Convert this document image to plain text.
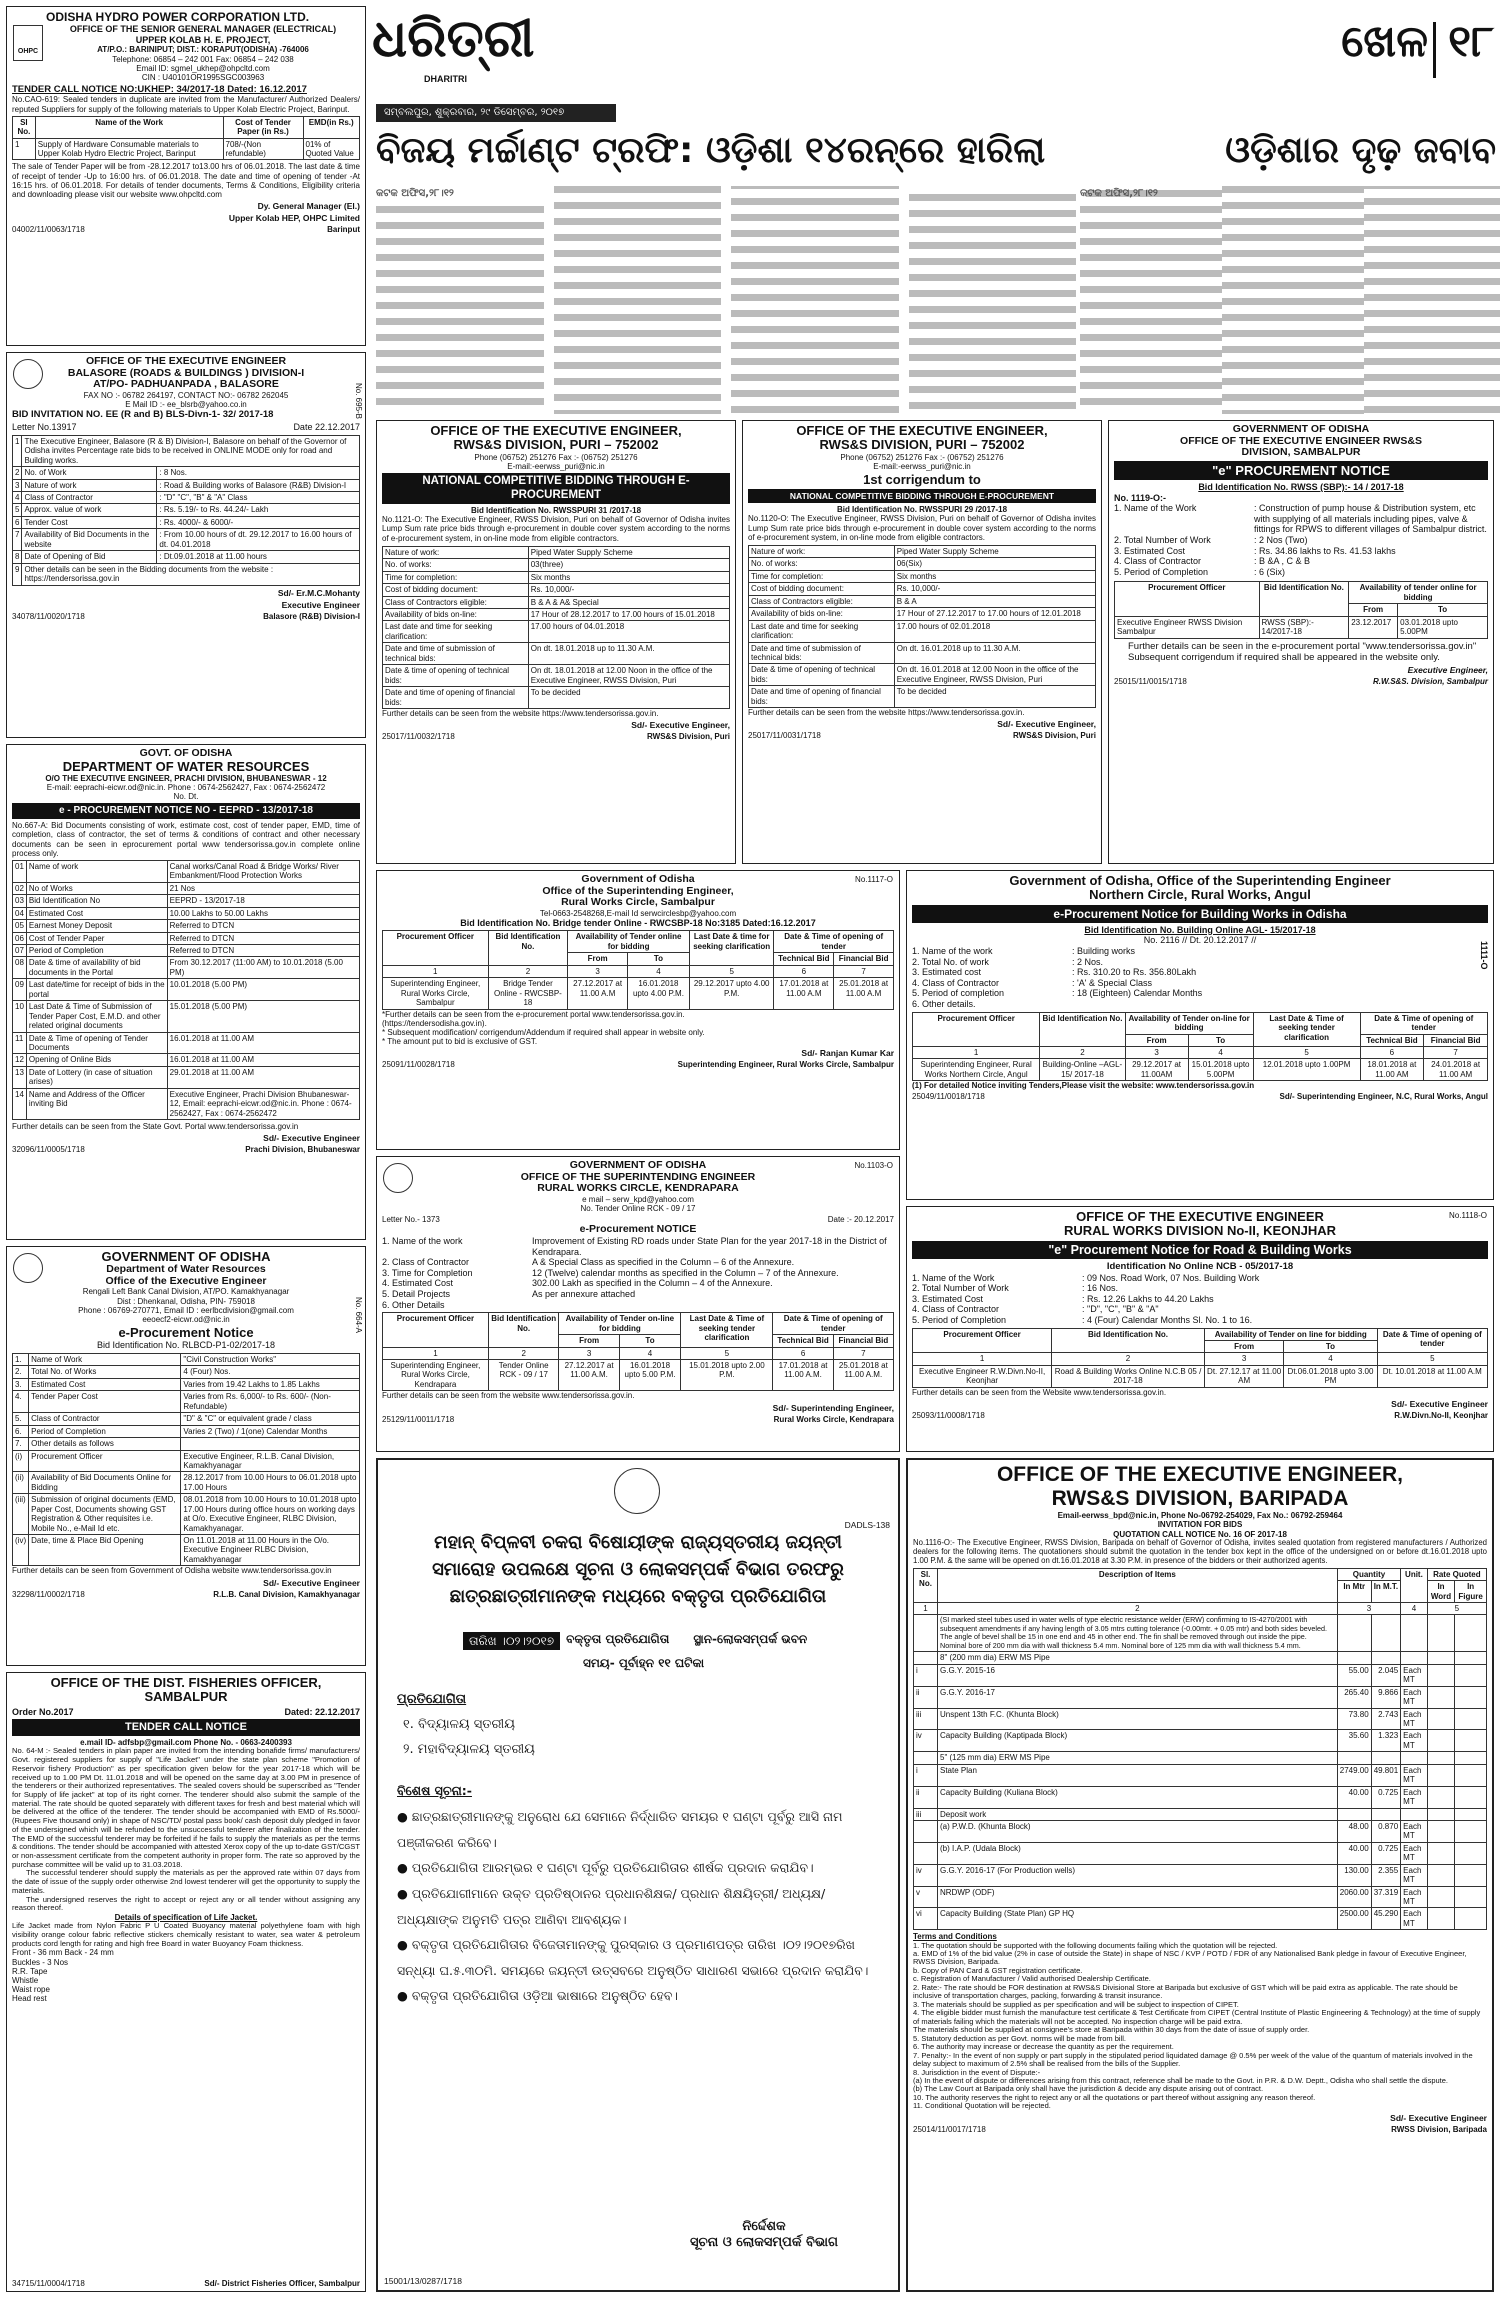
ଧରିତ୍ରୀ
DHARITRI
ସମ୍ବଲପୁର, ଶୁକ୍ରବାର, ୨୯ ଡିସେମ୍ବର, ୨୦୧୭
ଖେଳ ୧୮
ବିଜୟ ମର୍ଚ୍ଚାଣ୍ଟ ଟ୍ରଫି: ଓଡ଼ିଶା ୧୪ରନ୍‌ରେ ହାରିଲା	ଓଡ଼ିଶାର ଦୃଢ଼ ଜବାବ
କଟକ ଅଫିସ,୨୮।୧୨	କଟକ ଅଫିସ,୨୮।୧୨
OHPC
ODISHA HYDRO POWER CORPORATION LTD.
OFFICE OF THE SENIOR GENERAL MANAGER (ELECTRICAL)
UPPER KOLAB H. E. PROJECT,
AT/P.O.: BARINIPUT; DIST.: KORAPUT(ODISHA) -764006
Telephone: 06854 – 242 001 Fax: 06854 – 242 038
Email ID: sgmel_ukhep@ohpcltd.com
CIN : U40101OR1995SGC003963
TENDER CALL NOTICE NO:UKHEP: 34/2017-18 Dated: 16.12.2017
No.CAO-619: Sealed tenders in duplicate are invited from the Manufacturer/ Authorized Dealers/ reputed Suppliers for supply of the following materials to Upper Kolab Electric Project, Barinput.
Sl No.	Name of the Work	Cost of Tender Paper (in Rs.)	EMD(in Rs.)
1	Supply of Hardware Consumable materials to Upper Kolab Hydro Electric Project, Barinput	708/-(Non refundable)	01% of Quoted Value
The sale of Tender Paper will be from -28.12.2017 to13.00 hrs of 06.01.2018. The last date & time of receipt of tender -Up to 16:00 hrs. of 06.01.2018. The date and time of opening of tender -At 16:15 hrs. of 06.01.2018. For details of tender documents, Terms & Conditions, Eligibility criteria and downloading please visit our website www.ohpcltd.com
Dy. General Manager (El.)
Upper Kolab HEP, OHPC Limited
04002/11/0063/1718	Barinput
No. 695-B
OFFICE OF THE EXECUTIVE ENGINEER
BALASORE (ROADS & BUILDINGS ) DIVISION-I
AT/PO- PADHUANPADA , BALASORE
FAX NO :- 06782 264197, CONTACT NO:- 06782 262045
E Mail ID :- ee_blsrb@yahoo.co.in
BID INVITATION NO. EE (R and B) BLS-Divn-1- 32/ 2017-18
Letter No.13917	Date 22.12.2017
1	The Executive Engineer, Balasore (R & B) Division-I, Balasore on behalf of the Governor of Odisha invites Percentage rate bids to be received in ONLINE MODE only for road and Building works.	
2	No. of Work	: 8 Nos.
3	Nature of work	: Road & Building works of Balasore (R&B) Division-I
4	Class of Contractor	: "D" "C", "B" & "A" Class
5	Approx. value of work	: Rs. 5.19/- to Rs. 44.24/- Lakh
6	Tender Cost	: Rs. 4000/- & 6000/-
7	Availability of Bid Documents in the website	: From 10.00 hours of dt. 29.12.2017 to 16.00 hours of dt. 04.01.2018
8	Date of Opening of Bid	: Dt.09.01.2018 at 11.00 hours
9	Other details can be seen in the Bidding documents from the website : https://tendersorissa.gov.in	
Sd/- Er.M.C.Mohanty
Executive Engineer
34078/11/0020/1718	Balasore (R&B) Division-I
GOVT. OF ODISHA
DEPARTMENT OF WATER RESOURCES
O/O THE EXECUTIVE ENGINEER, PRACHI DIVISION, BHUBANESWAR - 12
E-mail: eeprachi-eicwr.od@nic.in. Phone : 0674-2562427, Fax : 0674-2562472
No. Dt.
e - PROCUREMENT NOTICE NO - EEPRD - 13/2017-18
No.667-A: Bid Documents consisting of work, estimate cost, cost of tender paper, EMD, time of completion, class of contractor, the set of terms & conditions of contract and other necessary documents can be seen in eprocurement portal www tendersorissa.gov.in complete online process only.
01	Name of work	Canal works/Canal Road & Bridge Works/ River Embankment/Flood Protection Works
02	No of Works	21 Nos
03	Bid Identification No	EEPRD - 13/2017-18
04	Estimated Cost	10.00 Lakhs to 50.00 Lakhs
05	Earnest Money Deposit	Referred to DTCN
06	Cost of Tender Paper	Referred to DTCN
07	Period of Completion	Referred to DTCN
08	Date & time of availability of bid documents in the Portal	From 30.12.2017 (11:00 AM) to 10.01.2018 (5.00 PM)
09	Last date/time for receipt of bids in the portal	10.01.2018 (5.00 PM)
10	Last Date & Time of Submission of Tender Paper Cost, E.M.D. and other related original documents	15.01.2018 (5.00 PM)
11	Date & Time of opening of Tender Documents	16.01.2018 at 11.00 AM
12	Opening of Online Bids	16.01.2018 at 11.00 AM
13	Date of Lottery (in case of situation arises)	29.01.2018 at 11.00 AM
14	Name and Address of the Officer inviting Bid	Executive Engineer, Prachi Division Bhubaneswar-12, Email: eeprachi-eicwr.od@nic.in. Phone : 0674-2562427, Fax : 0674-2562472
Further details can be seen from the State Govt. Portal www.tendersorissa.gov.in
Sd/- Executive Engineer
32096/11/0005/1718	Prachi Division, Bhubaneswar
No. 664-A
GOVERNMENT OF ODISHA
Department of Water Resources
Office of the Executive Engineer
Rengali Left Bank Canal Division, AT/PO. Kamakhyanagar
Dist : Dhenkanal, Odisha, PIN- 759018
Phone : 06769-270771, Email ID : eerlbcdivision@gmail.com
eeoecf2-eicwr.od@nic.in
e-Procurement Notice
Bid Identification No. RLBCD-P1-02/2017-18
1.	Name of Work	"Civil Construction Works"
2.	Total No. of Works	4 (Four) Nos.
3.	Estimated Cost	Varies from 19.42 Lakhs to 1.85 Lakhs
4.	Tender Paper Cost	Varies from Rs. 6,000/- to Rs. 600/- (Non-Refundable)
5.	Class of Contractor	"D" & "C" or equivalent grade / class
6.	Period of Completion	Varies 2 (Two) / 1(one) Calendar Months
7.	Other details as follows	
(i)	Procurement Officer	Executive Engineer, R.L.B. Canal Division, Kamakhyanagar
(ii)	Availability of Bid Documents Online for Bidding	28.12.2017 from 10.00 Hours to 06.01.2018 upto 17.00 Hours
(iii)	Submission of original documents (EMD, Paper Cost, Documents showing GST Registration & Other requisites i.e. Mobile No., e-Mail Id etc.	08.01.2018 from 10.00 Hours to 10.01.2018 upto 17.00 Hours during office hours on working days at O/o. Executive Engineer, RLBC Division, Kamakhyanagar.
(iv)	Date, time & Place Bid Opening	On 11.01.2018 at 11.00 Hours in the O/o. Executive Engineer RLBC Division, Kamakhyanagar
Further details can be seen from Government of Odisha website www.tendersorissa.gov.in
Sd/- Executive Engineer
32298/11/0002/1718	R.L.B. Canal Division, Kamakhyanagar
OFFICE OF THE DIST. FISHERIES OFFICER,
SAMBALPUR
Order No.2017	Dated: 22.12.2017
TENDER CALL NOTICE
e.mail ID- adfsbp@gmail.com Phone No. - 0663-2400393
No. 64-M :- Sealed tenders in plain paper are invited from the intending bonafide firms/ manufacturers/ Govt. registered suppliers for supply of "Life Jacket" under the state plan scheme "Promotion of Reservoir fishery Production" as per specification given below for the year 2017-18 which will be received up to 1.00 PM Dt. 11.01.2018 and will be opened on the same day at 3.00 PM in presence of the tenderers or their authorized representatives. The sealed covers should be superscribed as "Tender for Supply of life jacket" at top of its right corner. The tenderer should also submit the sample of the material. The rate should be quoted separately with different taxes for fresh and best material which will be delivered at the office of the tenderer. The tender should be accompanied with EMD of Rs.5000/- (Rupees Five thousand only) in shape of NSC/TD/ postal pass book/ cash deposit duly pledged in favor of the undersigned which will be refunded to the unsuccessful tenderer after finalization of the tender. The EMD of the successful tenderer may be forfeited if he fails to supply the materials as per the terms & conditions. The tender should be accompanied with attested Xerox copy of the up to-date GST/CGST or non-assessment certificate from the competent authority in proper form. The rate so approved by the purchase committee will be valid up to 31.03.2018.
The successful tenderer should supply the materials as per the approved rate within 07 days from the date of issue of the supply order otherwise 2nd lowest tenderer will get the opportunity to supply the materials.
The undersigned reserves the right to accept or reject any or all tender without assigning any reason thereof.
Details of specification of Life Jacket.
Life Jacket made from Nylon Fabric P U Coated Buoyancy material polyethylene foam with high visibility orange colour fabric reflective stickers chemically resistant to water, sea water & petroleum products cord length for rating and high free Board in water Buoyancy Foam thickness.
Front - 36 mm Back - 24 mm
Buckles - 3 Nos
R.R. Tape
Whistle
Waist rope
Head rest
34715/11/0004/1718	Sd/- District Fisheries Officer, Sambalpur
OFFICE OF THE EXECUTIVE ENGINEER,
RWS&S DIVISION, PURI – 752002
Phone (06752) 251276 Fax :- (06752) 251276
E-mail:-eerwss_puri@nic.in
NATIONAL COMPETITIVE BIDDING THROUGH E-PROCUREMENT
Bid Identification No. RWSSPURI 31 /2017-18
No.1121-O: The Executive Engineer, RWSS Division, Puri on behalf of Governor of Odisha invites Lump Sum rate price bids through e-procurement in double cover system according to the norms of e-procurement system, in on-line mode from eligible contractors.
Nature of work:	Piped Water Supply Scheme
No. of works:	03(three)
Time for completion:	Six months
Cost of bidding document:	Rs. 10,000/-
Class of Contractors eligible:	B & A & A& Special
Availability of bids on-line:	17 Hour of 28.12.2017 to 17.00 hours of 15.01.2018
Last date and time for seeking clarification:	17.00 hours of 04.01.2018
Date and time of submission of technical bids:	On dt. 18.01.2018 up to 11.30 A.M.
Date & time of opening of technical bids:	On dt. 18.01.2018 at 12.00 Noon in the office of the Executive Engineer, RWSS Division, Puri
Date and time of opening of financial bids:	To be decided
Further details can be seen from the website https://www.tendersorissa.gov.in.
Sd/- Executive Engineer,
25017/11/0032/1718	RWS&S Division, Puri
OFFICE OF THE EXECUTIVE ENGINEER,
RWS&S DIVISION, PURI – 752002
Phone (06752) 251276 Fax :- (06752) 251276
E-mail:-eerwss_puri@nic.in
1st corrigendum to
NATIONAL COMPETITIVE BIDDING THROUGH E-PROCUREMENT
Bid Identification No. RWSSPURI 29 /2017-18
No.1120-O: The Executive Engineer, RWSS Division, Puri on behalf of Governor of Odisha invites Lump Sum rate price bids through e-procurement in double cover system according to the norms of e-procurement system, in on-line mode from eligible contractors.
Nature of work:	Piped Water Supply Scheme
No. of works:	06(Six)
Time for completion:	Six months
Cost of bidding document:	Rs. 10,000/-
Class of Contractors eligible:	B & A
Availability of bids on-line:	17 Hour of 27.12.2017 to 17.00 hours of 12.01.2018
Last date and time for seeking clarification:	17.00 hours of 02.01.2018
Date and time of submission of technical bids:	On dt. 16.01.2018 up to 11.30 A.M.
Date & time of opening of technical bids:	On dt. 16.01.2018 at 12.00 Noon in the office of the Executive Engineer, RWSS Division, Puri
Date and time of opening of financial bids:	To be decided
Further details can be seen from the website https://www.tendersorissa.gov.in.
Sd/- Executive Engineer,
25017/11/0031/1718	RWS&S Division, Puri
GOVERNMENT OF ODISHA
OFFICE OF THE EXECUTIVE ENGINEER RWS&S
DIVISION, SAMBALPUR
"e" PROCUREMENT NOTICE
Bid Identification No. RWSS (SBP):- 14 / 2017-18
No. 1119-O:-
1. Name of the Work	: Construction of pump house & Distribution system, etc with supplying of all materials including pipes, valve & fittings for RPWS to different villages of Sambalpur district.
2. Total Number of Work	: 2 Nos (Two)
3. Estimated Cost	: Rs. 34.86 lakhs to Rs. 41.53 lakhs
4. Class of Contractor	: B &A , C & B
5. Period of Completion	: 6 (Six)
Procurement Officer	Bid Identification No.	Availability of tender online for bidding	
		From	To
Executive Engineer RWSS Division Sambalpur	RWSS (SBP):- 14/2017-18	23.12.2017	03.01.2018 upto 5.00PM
Further details can be seen in the e-procurement portal "www.tendersorissa.gov.in"
Subsequent corrigendum if required shall be appeared in the website only.
Executive Engineer,
25015/11/0015/1718	R.W.S&S. Division, Sambalpur
No.1117-O
Government of Odisha
Office of the Superintending Engineer,
Rural Works Circle, Sambalpur
Tel-0663-2548268,E-mail Id serwcirclesbp@yahoo.com
Bid Identification No. Bridge tender Online - RWCSBP-18 No:3185 Dated:16.12.2017
Procurement Officer	Bid Identification No.	Availability of Tender online for bidding		Last Date & time for seeking clarification	Date & Time of opening of tender	
		From	To		Technical Bid	Financial Bid
1	2	3	4	5	6	7
Superintending Engineer, Rural Works Circle, Sambalpur	Bridge Tender Online - RWCSBP-18	27.12.2017 at 11.00 A.M	16.01.2018 upto 4.00 P.M.	29.12.2017 upto 4.00 P.M.	17.01.2018 at 11.00 A.M	25.01.2018 at 11.00 A.M
*Further details can be seen from the e-procurement portal www.tendersorissa.gov.in.
(https://tendersodisha.gov.in).
* Subsequent modification/ corrigendum/Addendum if required shall appear in website only.
* The amount put to bid is exclusive of GST.
Sd/- Ranjan Kumar Kar
25091/11/0028/1718	Superintending Engineer, Rural Works Circle, Sambalpur
No.1103-O
GOVERNMENT OF ODISHA
OFFICE OF THE SUPERINTENDING ENGINEER
RURAL WORKS CIRCLE, KENDRAPARA
e mail – serw_kpd@yahoo.com
No. Tender Online RCK - 09 / 17
Letter No.- 1373	Date :- 20.12.2017
e-Procurement NOTICE
1. Name of the work	Improvement of Existing RD roads under State Plan for the year 2017-18 in the District of Kendrapara.
2. Class of Contractor	A & Special Class as specified in the Column – 6 of the Annexure.
3. Time for Completion	12 (Twelve) calendar months as specified in the Column – 7 of the Annexure.
4. Estimated Cost	302.00 Lakh as specified in the Column – 4 of the Annexure.
5. Detail Projects	As per annexure attached
6. Other Details
Procurement Officer	Bid Identification No.	Availability of Tender on-line for bidding		Last Date & Time of seeking tender clarification	Date & Time of opening of tender	
		From	To		Technical Bid	Financial Bid
1	2	3	4	5	6	7
Superintending Engineer, Rural Works Circle, Kendrapara	Tender Online RCK - 09 / 17	27.12.2017 at 11.00 A.M.	16.01.2018 upto 5.00 P.M.	15.01.2018 upto 2.00 P.M.	17.01.2018 at 11.00 A.M.	25.01.2018 at 11.00 A.M.
Further details can be seen from the website www.tendersorissa.gov.in.
Sd/- Superintending Engineer,
25129/11/0011/1718	Rural Works Circle, Kendrapara
1111-O
Government of Odisha, Office of the Superintending Engineer
Northern Circle, Rural Works, Angul
e-Procurement Notice for Building Works in Odisha
Bid Identification No. Building Online AGL- 15/2017-18
No. 2116 // Dt. 20.12.2017 //
1. Name of the work	: Building works
2. Total No. of work	: 2 Nos.
3. Estimated cost	: Rs. 310.20 to Rs. 356.80Lakh
4. Class of Contractor	: 'A' & Special Class
5. Period of completion	: 18 (Eighteen) Calendar Months
6. Other details.
Procurement Officer	Bid Identification No.	Availability of Tender on-line for bidding		Last Date & Time of seeking tender clarification	Date & Time of opening of tender	
		From	To		Technical Bid	Financial Bid
1	2	3	4	5	6	7
Superintending Engineer, Rural Works Northern Circle, Angul	Building-Online –AGL-15/ 2017-18	29.12.2017 at 11.00AM	15.01.2018 upto 5.00PM	12.01.2018 upto 1.00PM	18.01.2018 at 11.00 AM	24.01.2018 at 11.00 AM
(1) For detailed Notice inviting Tenders,Please visit the website: www.tendersorissa.gov.in
25049/11/0018/1718	Sd/- Superintending Engineer, N.C, Rural Works, Angul
No.1118-O
OFFICE OF THE EXECUTIVE ENGINEER
RURAL WORKS DIVISION No-II, KEONJHAR
"e" Procurement Notice for Road & Building Works
Identification No Online NCB - 05/2017-18
1. Name of the Work	: 09 Nos. Road Work, 07 Nos. Building Work
2. Total Number of Work	: 16 Nos.
3. Estimated Cost	: Rs. 12.26 Lakhs to 44.20 Lakhs
4. Class of Contractor	: "D", "C", "B" & "A"
5. Period of Completion	: 4 (Four) Calendar Months Sl. No. 1 to 16.
Procurement Officer	Bid Identification No.	Availability of Tender on line for bidding		Date & Time of opening of tender
		From	To	
1	2	3	4	5
Executive Engineer R.W.Divn.No-II, Keonjhar	Road & Building Works Online N.C.B 05 / 2017-18	Dt. 27.12.17 at 11.00 AM	Dt.06.01.2018 upto 3.00 PM	Dt. 10.01.2018 at 11.00 A.M
Further details can be seen from the Website www.tendersorissa.gov.in.
Sd/- Executive Engineer
25093/11/0008/1718	R.W.Divn.No-II, Keonjhar
DADLS-138
ମହାନ୍ ବିପ୍ଳବୀ ଚକରା ବିଷୋୟୀଙ୍କ ରାଜ୍ୟସ୍ତରୀୟ ଜୟନ୍ତୀ
ସମାରୋହ ଉପଲକ୍ଷେ ସୂଚନା ଓ ଲୋକସମ୍ପର୍କ ବିଭାଗ ତରଫରୁ
ଛାତ୍ରଛାତ୍ରୀମାନଙ୍କ ମଧ୍ୟରେ ବକ୍ତୃତା ପ୍ରତିଯୋଗିତା
ତାରିଖ ।୦୨।୨୦୧୭	ବକ୍ତୃତା ପ୍ରତିଯୋଗିତା ସ୍ଥାନ-ଲୋକସମ୍ପର୍କ ଭବନ
ସମୟ- ପୂର୍ବାହ୍ନ ୧୧ ଘଟିକା
ପ୍ରତିଯୋଗିତା
୧. ବିଦ୍ୟାଳୟ ସ୍ତରୀୟ
୨. ମହାବିଦ୍ୟାଳୟ ସ୍ତରୀୟ
ବିଶେଷ ସୂଚନା:-
● ଛାତ୍ରଛାତ୍ରୀମାନଙ୍କୁ ଅନୁରୋଧ ଯେ ସେମାନେ ନିର୍ଦ୍ଧାରିତ ସମୟର ୧ ଘଣ୍ଟା ପୂର୍ବରୁ ଆସି ନାମ ପଞ୍ଜୀକରଣ କରିବେ।
● ପ୍ରତିଯୋଗିତା ଆରମ୍ଭର ୧ ଘଣ୍ଟା ପୂର୍ବରୁ ପ୍ରତିଯୋଗିତାର ଶୀର୍ଷକ ପ୍ରଦାନ କରାଯିବ।
● ପ୍ରତିଯୋଗୀମାନେ ଉକ୍ତ ପ୍ରତିଷ୍ଠାନର ପ୍ରଧାନଶିକ୍ଷକ/ ପ୍ରଧାନ ଶିକ୍ଷୟିତ୍ରୀ/ ଅଧ୍ୟକ୍ଷ/ ଅଧ୍ୟକ୍ଷାଙ୍କ ଅନୁମତି ପତ୍ର ଆଣିବା ଆବଶ୍ୟକ।
● ବକ୍ତୃତା ପ୍ରତିଯୋଗିତାର ବିଜେତାମାନଙ୍କୁ ପୁରସ୍କାର ଓ ପ୍ରମାଣପତ୍ର ତାରିଖ ।୦୨।୨୦୧୭ରିଖ ସନ୍ଧ୍ୟା ଘ.୫.୩୦ମି. ସମୟରେ ଜୟନ୍ତୀ ଉତ୍ସବରେ ଅନୁଷ୍ଠିତ ସାଧାରଣ ସଭାରେ ପ୍ରଦାନ କରାଯିବ।
● ବକ୍ତୃତା ପ୍ରତିଯୋଗିତା ଓଡ଼ିଆ ଭାଷାରେ ଅନୁଷ୍ଠିତ ହେବ।
ନିର୍ଦ୍ଦେଶକ
ସୂଚନା ଓ ଲୋକସମ୍ପର୍କ ବିଭାଗ
15001/13/0287/1718
OFFICE OF THE EXECUTIVE ENGINEER,
RWS&S DIVISION, BARIPADA
Email-eerwss_bpd@nic.in, Phone No-06792-254029, Fax No.: 06792-259464
INVITATION FOR BIDS
QUOTATION CALL NOTICE No. 16 OF 2017-18
No.1116-O:- The Executive Engineer, RWSS Division, Baripada on behalf of Governor of Odisha, invites sealed quotation from registered manufacturers / Authorized dealers for the following items. The quotationers should submit the quotation in the tender box kept in the office of the undersigned on or before dt.16.01.2018 upto 1.00 P.M. & the same will be opened on dt.16.01.2018 at 3.30 P.M. in presence of the bidders or their authorized agents.
Sl. No.	Description of Items	Quantity		Unit.	Rate Quoted	
		In Mtr	In M.T.		In Word	In Figure
1	2	3		4	5	
	(SI marked steel tubes used in water wells of type electric resistance welder (ERW) confirming to IS-4270/2001 with subsequent amendments if any having length of 3.05 mtrs cutting tolerance (-0.00mtr. + 0.05 mtr) and both sides beveled. The angle of bevel shall be 15 in one end and 45 in other end. The fin shall be removed through out inside the pipe. Nominal bore of 200 mm dia with wall thickness 5.4 mm. Nominal bore of 125 mm dia with wall thickness 5.4 mm.					
	8" (200 mm dia) ERW MS Pipe					
i	G.G.Y. 2015-16	55.00	2.045	Each MT		
ii	G.G.Y. 2016-17	265.40	9.866	Each MT		
iii	Unspent 13th F.C. (Khunta Block)	73.80	2.743	Each MT		
iv	Capacity Building (Kaptipada Block)	35.60	1.323	Each MT		
	5" (125 mm dia) ERW MS Pipe					
i	State Plan	2749.00	49.801	Each MT		
ii	Capacity Building (Kuliana Block)	40.00	0.725	Each MT		
iii	Deposit work					
	(a) P.W.D. (Khunta Block)	48.00	0.870	Each MT		
	(b) I.A.P. (Udala Block)	40.00	0.725	Each MT		
iv	G.G.Y. 2016-17 (For Production wells)	130.00	2.355	Each MT		
v	NRDWP (ODF)	2060.00	37.319	Each MT		
vi	Capacity Building (State Plan) GP HQ	2500.00	45.290	Each MT		
Terms and Conditions
1. The quotation should be supported with the following documents failing which the quotation will be rejected.
a. EMD of 1% of the bid value (2% in case of outside the State) in shape of NSC / KVP / POTD / FDR of any Nationalised Bank pledge in favour of Executive Engineer, RWSS Division, Baripada.
b. Copy of PAN Card & GST registration certificate.
c. Registration of Manufacturer / Valid authorised Dealership Certificate.
2. Rate:- The rate should be FOR destination at RWS&S Divisional Store at Baripada but exclusive of GST which will be paid extra as applicable. The rate should be inclusive of transportation charges, packing, forwarding & transit insurance.
3. The materials should be supplied as per specification and will be subject to inspection of CIPET.
4. The eligible bidder must furnish the manufacture test certificate & Test Certificate from CIPET (Central Institute of Plastic Engineering & Technology) at the time of supply of materials failing which the materials will not be accepted. No inspection charge will be paid extra.
The materials should be supplied at consignee's store at Baripada within 30 days from the date of issue of supply order.
5. Statutory deduction as per Govt. norms will be made from bill.
6. The authority may increase or decrease the quantity as per the requirement.
7. Penalty:- In the event of non supply or part supply in the stipulated period liquidated damage @ 0.5% per week of the value of the quantum of materials involved in the delay subject to maximum of 2.5% shall be realised from the bills of the Supplier.
8. Jurisdiction in the event of Dispute:-
(a) In the event of dispute or differences arising from this contract, reference shall be made to the Govt. in P.R. & D.W. Deptt., Odisha who shall settle the dispute.
(b) The Law Court at Baripada only shall have the jurisdiction & decide any dispute arising out of contract.
10. The authority reserves the right to reject any or all the quotations or part thereof without assigning any reason thereof.
11. Conditional Quotation will be rejected.
Sd/- Executive Engineer
25014/11/0017/1718	RWSS Division, Baripada
